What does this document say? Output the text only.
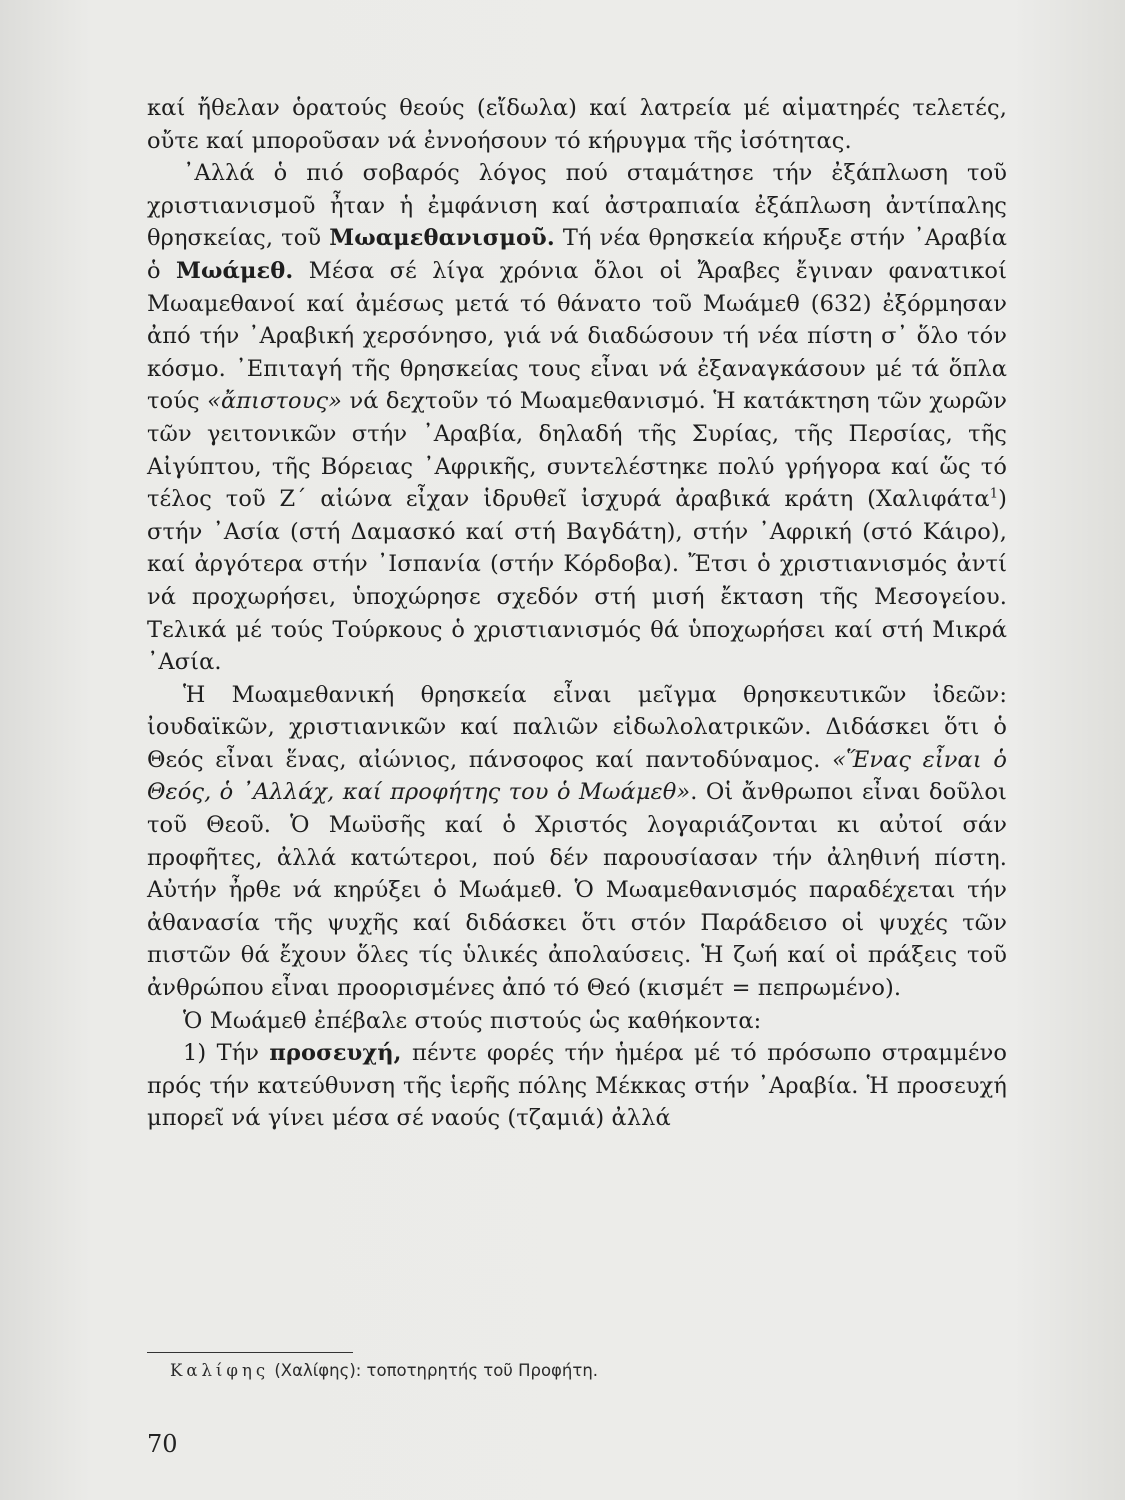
καί ἤθελαν ὁρατούς θεούς (εἴδωλα) καί λατρεία μέ αἱματηρές τελετές, οὔτε καί μποροῦσαν νά ἐννοήσουν τό κήρυγμα τῆς ἰσότητας.

᾿Αλλά ὁ πιό σοβαρός λόγος πού σταμάτησε τήν ἐξάπλωση τοῦ χριστιανισμοῦ ἦταν ἡ ἐμφάνιση καί ἀστραπιαία ἐξάπλωση ἀντίπαλης θρησκείας, τοῦ Μωαμεθανισμοῦ. Τή νέα θρησκεία κήρυξε στήν ᾿Αραβία ὁ Μωάμεθ. Μέσα σέ λίγα χρόνια ὅλοι οἱ Ἄραβες ἔγιναν φανατικοί Μωαμεθανοί καί ἀμέσως μετά τό θάνατο τοῦ Μωάμεθ (632) ἐξόρμησαν ἀπό τήν ᾿Αραβική χερσόνησο, γιά νά διαδώσουν τή νέα πίστη σ᾿ ὅλο τόν κόσμο. ᾿Επιταγή τῆς θρησκείας τους εἶναι νά ἐξαναγκάσουν μέ τά ὅπλα τούς «ἄπιστους» νά δεχτοῦν τό Μωαμεθανισμό. Ἡ κατάκτηση τῶν χωρῶν τῶν γειτονικῶν στήν ᾿Αραβία, δηλαδή τῆς Συρίας, τῆς Περσίας, τῆς Αἰγύπτου, τῆς Βόρειας ᾿Αφρικῆς, συντελέστηκε πολύ γρήγορα καί ὥς τό τέλος τοῦ Ζ΄ αἰώνα εἶχαν ἱδρυθεῖ ἰσχυρά ἀραβικά κράτη (Χαλιφάτα$^1$) στήν ᾿Ασία (στή Δαμασκό καί στή Βαγδάτη), στήν ᾿Αφρική (στό Κάιρο), καί ἀργότερα στήν ᾿Ισπανία (στήν Κόρδοβα). Ἔτσι ὁ χριστιανισμός ἀντί νά προχωρήσει, ὑποχώρησε σχεδόν στή μισή ἔκταση τῆς Μεσογείου. Τελικά μέ τούς Τούρκους ὁ χριστιανισμός θά ὑποχωρήσει καί στή Μικρά ᾿Ασία.

Ἡ Μωαμεθανική θρησκεία εἶναι μεῖγμα θρησκευτικῶν ἰδεῶν: ἰουδαϊκῶν, χριστιανικῶν καί παλιῶν εἰδωλολατρικῶν. Διδάσκει ὅτι ὁ Θεός εἶναι ἕνας, αἰώνιος, πάνσοφος καί παντοδύναμος. «Ἕνας εἶναι ὁ Θεός, ὁ ᾿Αλλάχ, καί προφήτης του ὁ Μωάμεθ». Οἱ ἄνθρωποι εἶναι δοῦλοι τοῦ Θεοῦ. Ὁ Μωϋσῆς καί ὁ Χριστός λογαριάζονται κι αὐτοί σάν προφῆτες, ἀλλά κατώτεροι, πού δέν παρουσίασαν τήν ἀληθινή πίστη. Αὐτήν ἦρθε νά κηρύξει ὁ Μωάμεθ. Ὁ Μωαμεθανισμός παραδέχεται τήν ἀθανασία τῆς ψυχῆς καί διδάσκει ὅτι στόν Παράδεισο οἱ ψυχές τῶν πιστῶν θά ἔχουν ὅλες τίς ὑλικές ἀπολαύσεις. Ἡ ζωή καί οἱ πράξεις τοῦ ἀνθρώπου εἶναι προορισμένες ἀπό τό Θεό (κισμέτ = πεπρωμένο).

Ὁ Μωάμεθ ἐπέβαλε στούς πιστούς ὡς καθήκοντα:

1) Τήν προσευχή, πέντε φορές τήν ἡμέρα μέ τό πρόσωπο στραμμένο πρός τήν κατεύθυνση τῆς ἱερῆς πόλης Μέκκας στήν ᾿Αραβία. Ἡ προσευχή μπορεῖ νά γίνει μέσα σέ ναούς (τζαμιά) ἀλλά

Καλίφης (Χαλίφης): τοποτηρητής τοῦ Προφήτη.
70
